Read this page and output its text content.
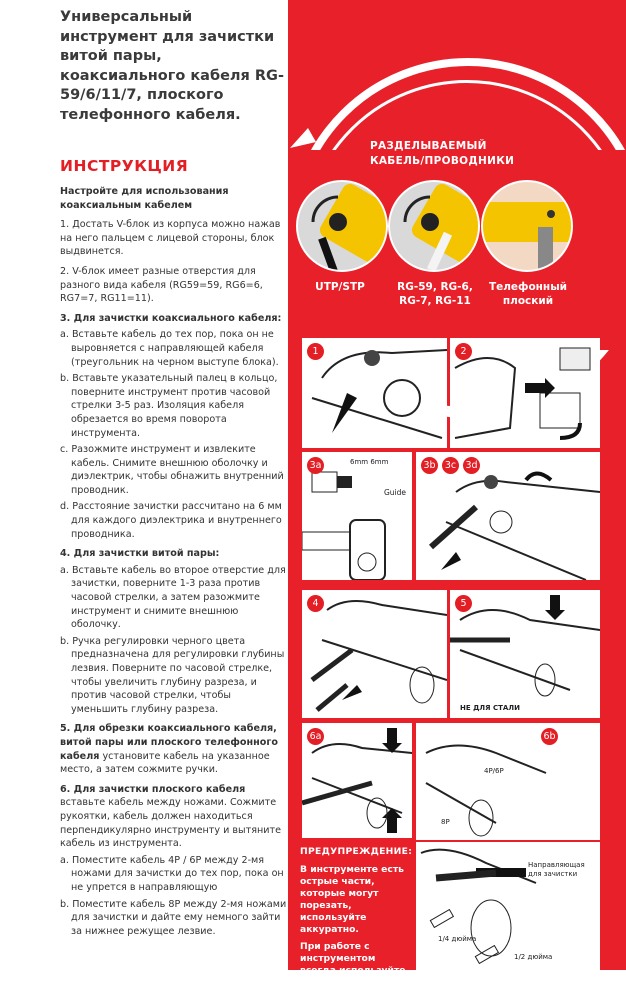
Универсальный инструмент для зачистки витой пары, коаксиального кабеля RG-59/6/11/7, плоского телефонного кабеля.
ИНСТРУКЦИЯ

Настройте для использования коаксиальным кабелем

1. Достать V-блок из корпуса можно нажав на него пальцем с лицевой стороны, блок выдвинется.

2. V-блок имеет разные отверстия для разного вида кабеля (RG59=59, RG6=6, RG7=7, RG11=11).

3. Для зачистки коаксиального кабеля:

a. Вставьте кабель до тех пор, пока он не выровняется с направляющей кабеля (треугольник на черном выступе блока).

b. Вставьте указательный палец в кольцо, поверните инструмент против часовой стрелки 3-5 раз. Изоляция кабеля обрезается во время поворота инструмента.

c. Разожмите инструмент и извлеките кабель. Снимите внешнюю оболочку и диэлектрик, чтобы обнажить внутренний проводник.

d. Расстояние зачистки рассчитано на 6 мм для каждого диэлектрика и внутреннего проводника.

4. Для зачистки витой пары:

a. Вставьте кабель во второе отверстие для зачистки, поверните 1-3 раза против часовой стрелки, а затем разожмите инструмент и снимите внешнюю оболочку.

b. Ручка регулировки черного цвета предназначена для регулировки глубины лезвия. Поверните по часовой стрелке, чтобы увеличить глубину разреза, и против часовой стрелки, чтобы уменьшить глубину разреза.

5. Для обрезки коаксиального кабеля, витой пары или плоского телефонного кабеля установите кабель на указанное место, а затем сожмите ручки.

6. Для зачистки плоского кабеля вставьте кабель между ножами. Сожмите рукоятки, кабель должен находиться перпендикулярно инструменту и вытяните кабель из инструмента.

a. Поместите кабель 4P / 6P между 2-мя ножами для зачистки до тех пор, пока он не упрется в направляющую

b. Поместите кабель 8P между 2-мя ножами для зачистки и дайте ему немного зайти за нижнее режущее лезвие.

РАЗДЕЛЫВАЕМЫЙ КАБЕЛЬ/ПРОВОДНИКИ
UTP/STP	RG-59, RG-6, RG-7, RG-11
Телефонный плоский
1	2
6mm 6mm
Guide
3a	3b 3c 3d
4
НЕ ДЛЯ СТАЛИ
5
6a
4P/6P
8P
Направляющая для зачистки
1/4 дюйма
1/2 дюйма
6b
ПРЕДУПРЕЖДЕНИЕ:

В инструменте есть острые части, которые могут порезать, используйте аккуратно.

При работе с инструментом всегда используйте средства защиты глаз.
